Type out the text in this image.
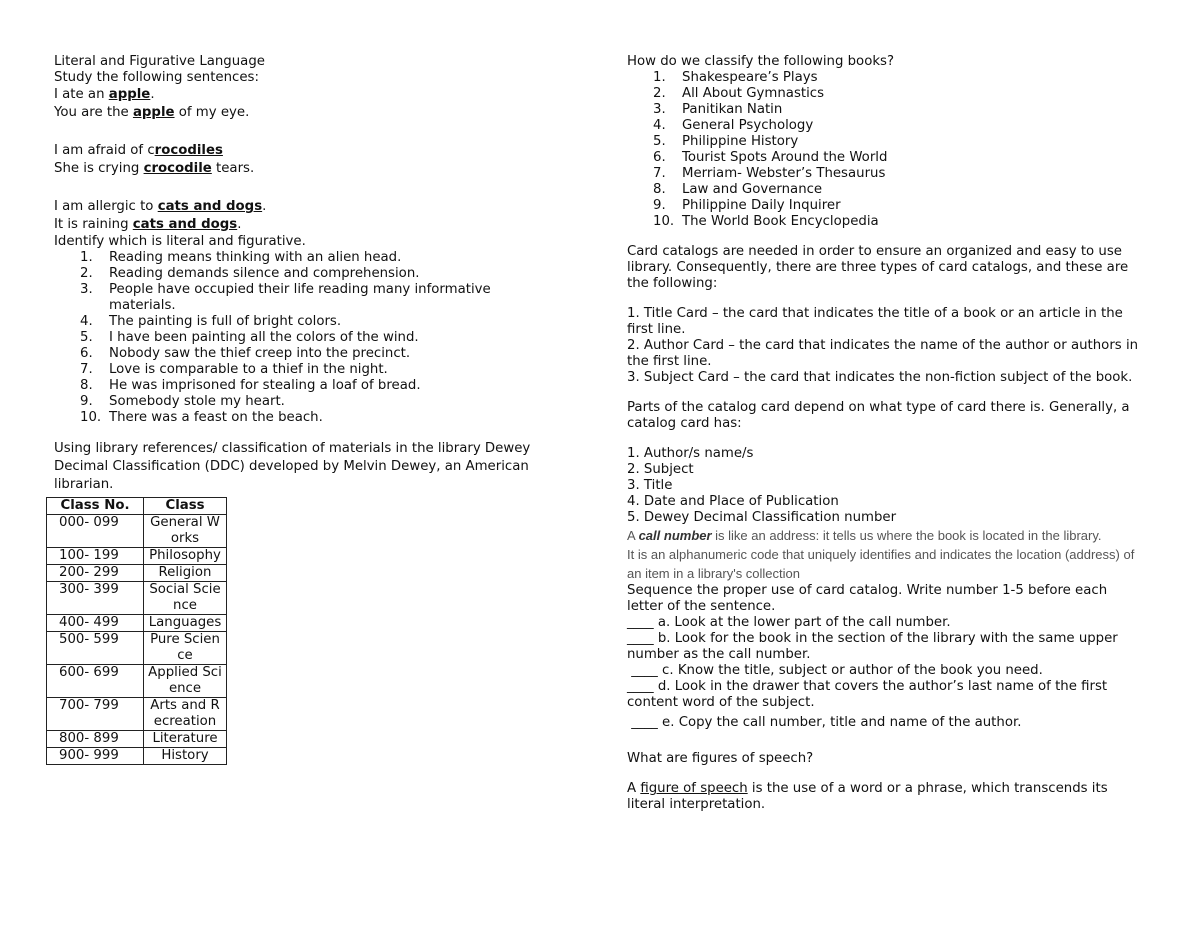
Literal and Figurative Language
Study the following sentences:
I ate an apple.
You are the apple of my eye.
I am afraid of crocodiles
She is crying crocodile tears.
I am allergic to cats and dogs.
It is raining cats and dogs.
Identify which is literal and figurative.
1.	Reading means thinking with an alien head.
2.	Reading demands silence and comprehension.
3.	People have occupied their life reading many informative materials.
4.	The painting is full of bright colors.
5.	I have been painting all the colors of the wind.
6.	Nobody saw the thief creep into the precinct.
7.	Love is comparable to a thief in the night.
8.	He was imprisoned for stealing a loaf of bread.
9.	Somebody stole my heart.
10. There was a feast on the beach.
Using library references/ classification of materials in the library Dewey Decimal Classification (DDC) developed by Melvin Dewey, an American librarian.
Class No.	Class
000- 099	General Works
100- 199	Philosophy
200- 299	Religion
300- 399	Social Science
400- 499	Languages
500- 599	Pure Science
600- 699	Applied Science
700- 799	Arts and Recreation
800- 899	Literature
900- 999	History
How do we classify the following books?
1.	Shakespeare’s Plays
2.	All About Gymnastics
3.	Panitikan Natin
4.	General Psychology
5.	Philippine History
6.	Tourist Spots Around the World
7.	Merriam- Webster’s Thesaurus
8.	Law and Governance
9.	Philippine Daily Inquirer
10. The World Book Encyclopedia
Card catalogs are needed in order to ensure an organized and easy to use library. Consequently, there are three types of card catalogs, and these are the following:
1. Title Card – the card that indicates the title of a book or an article in the first line.
2. Author Card – the card that indicates the name of the author or authors in the first line.
3. Subject Card – the card that indicates the non-fiction subject of the book.
Parts of the catalog card depend on what type of card there is. Generally, a catalog card has:
1. Author/s name/s
2. Subject
3. Title
4. Date and Place of Publication
5. Dewey Decimal Classification number
A call number is like an address: it tells us where the book is located in the library.
It is an alphanumeric code that uniquely identifies and indicates the location (address) of an item in a library's collection
Sequence the proper use of card catalog. Write number 1-5 before each letter of the sentence.
____ a. Look at the lower part of the call number.
____ b. Look for the book in the section of the library with the same upper number as the call number.
____ c. Know the title, subject or author of the book you need.
____ d. Look in the drawer that covers the author’s last name of the first content word of the subject.
____ e. Copy the call number, title and name of the author.
What are figures of speech?
A figure of speech is the use of a word or a phrase, which transcends its literal interpretation.
